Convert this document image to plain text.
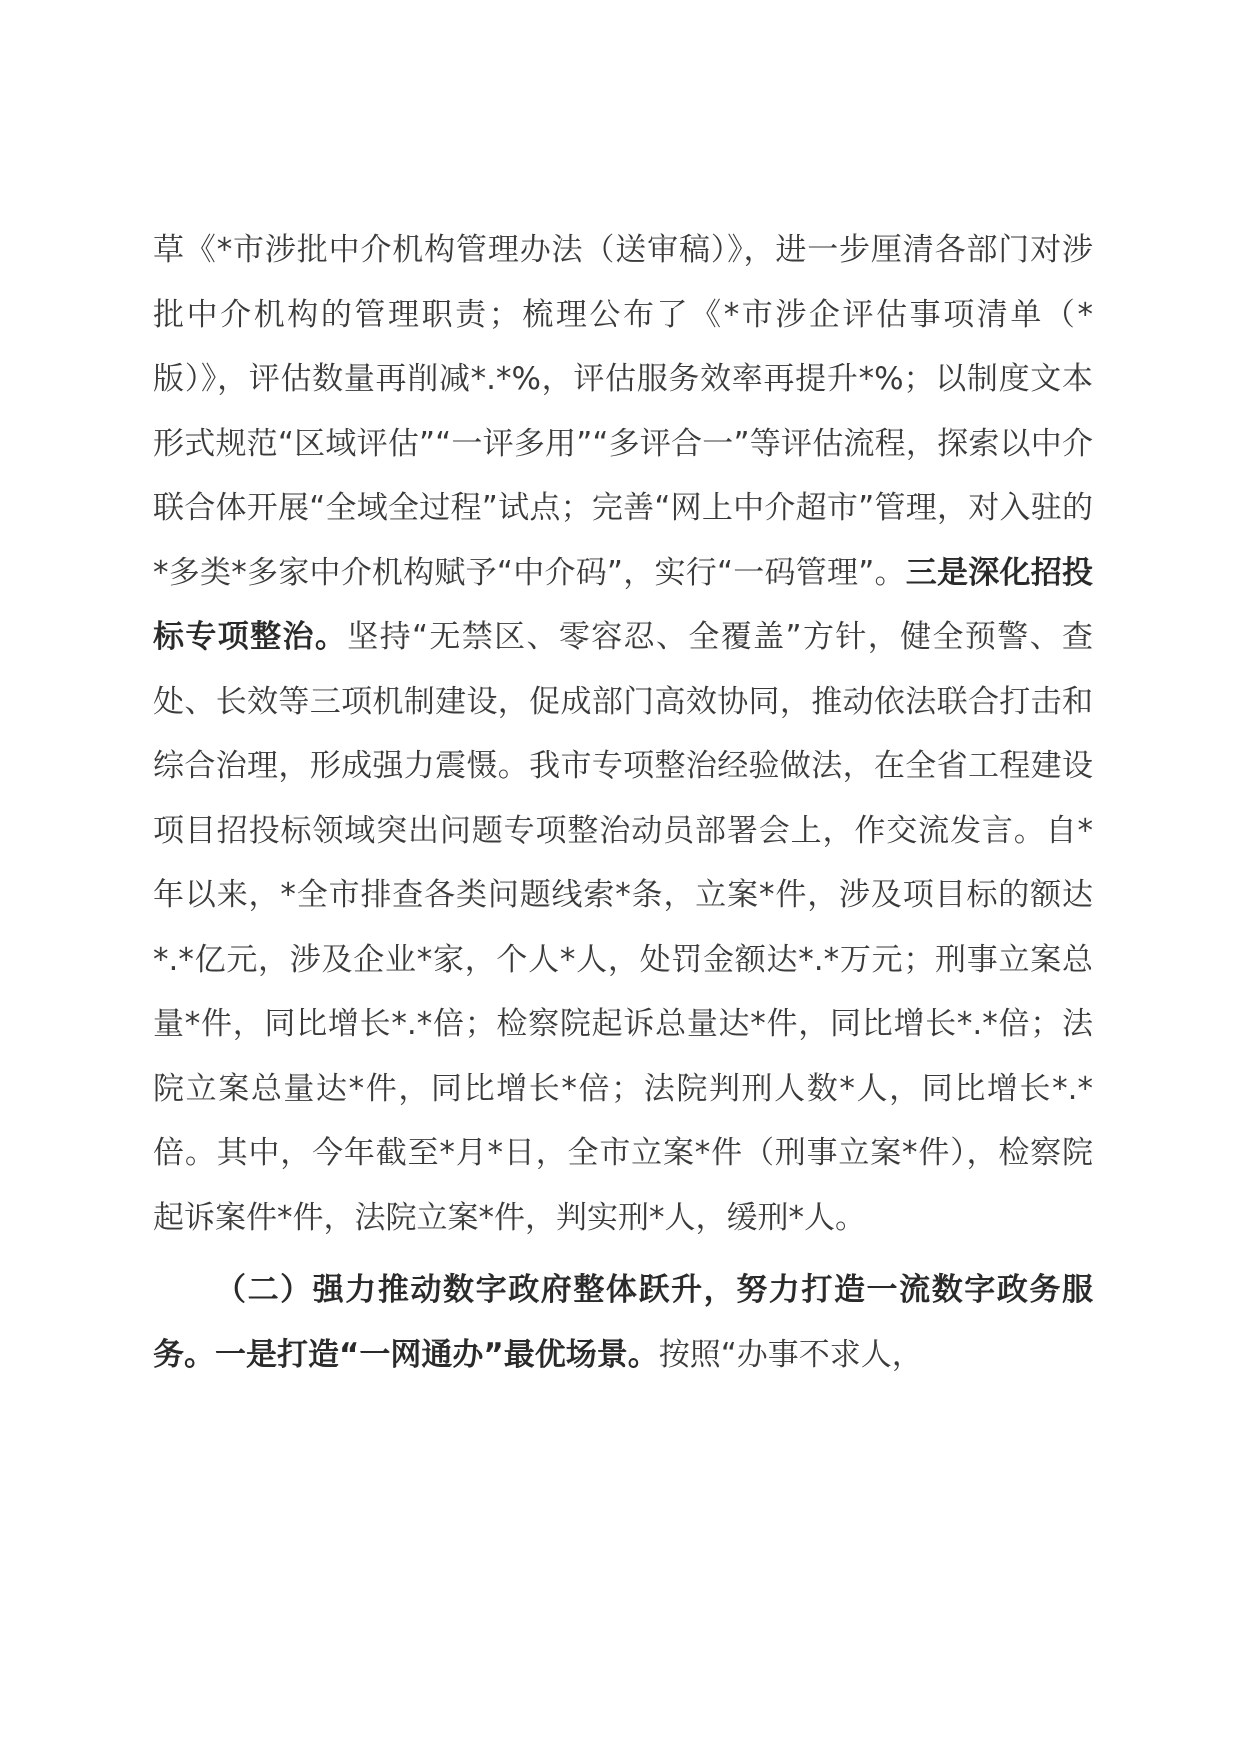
草《*市涉批中介机构管理办法（送审稿）》，进一步厘清各部门对涉批中介机构的管理职责；梳理公布了《*市涉企评估事项清单（*版）》，评估数量再削减*.*%，评估服务效率再提升*%；以制度文本形式规范“区域评估”“一评多用”“多评合一”等评估流程，探索以中介联合体开展“全域全过程”试点；完善“网上中介超市”管理，对入驻的*多类*多家中介机构赋予“中介码”，实行“一码管理”。三是深化招投标专项整治。坚持“无禁区、零容忍、全覆盖”方针，健全预警、查处、长效等三项机制建设，促成部门高效协同，推动依法联合打击和综合治理，形成强力震慑。我市专项整治经验做法，在全省工程建设项目招投标领域突出问题专项整治动员部署会上，作交流发言。自*年以来，*全市排查各类问题线索*条，立案*件，涉及项目标的额达*.*亿元，涉及企业*家，个人*人，处罚金额达*.*万元；刑事立案总量*件，同比增长*.*倍；检察院起诉总量达*件，同比增长*.*倍；法院立案总量达*件，同比增长*倍；法院判刑人数*人，同比增长*.*倍。其中，今年截至*月*日，全市立案*件（刑事立案*件），检察院起诉案件*件，法院立案*件，判实刑*人，缓刑*人。

（二）强力推动数字政府整体跃升，努力打造一流数字政务服务。一是打造“一网通办”最优场景。按照“办事不求人，
